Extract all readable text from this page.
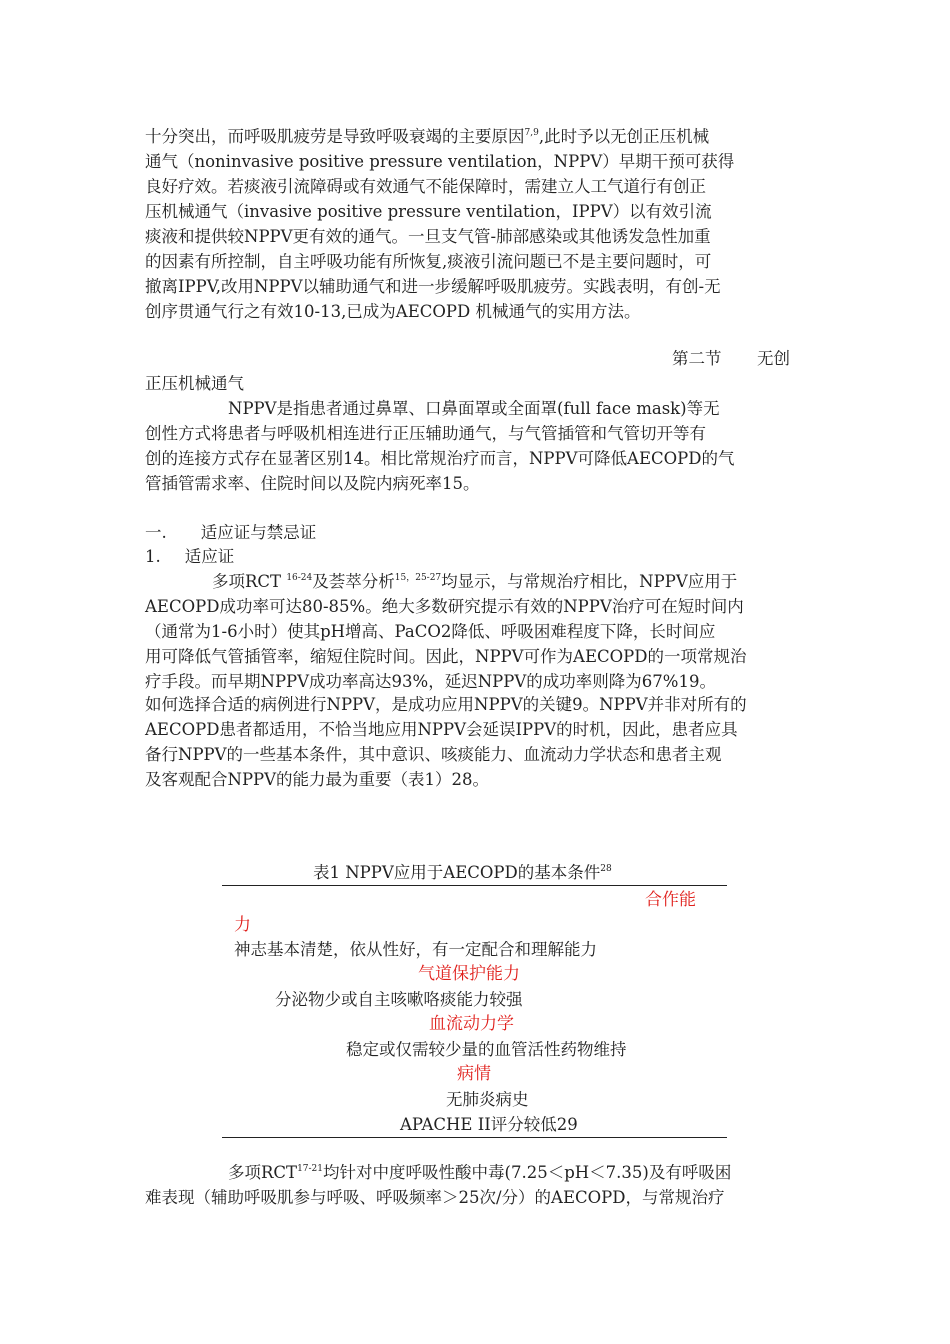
十分突出，而呼吸肌疲劳是导致呼吸衰竭的主要原因$^{7,9}$,此时予以无创正压机械
通气（noninvasive positive pressure ventilation，NPPV）早期干预可获得
良好疗效。若痰液引流障碍或有效通气不能保障时，需建立人工气道行有创正
压机械通气（invasive positive pressure ventilation，IPPV）以有效引流
痰液和提供较NPPV更有效的通气。一旦支气管-肺部感染或其他诱发急性加重
的因素有所控制，自主呼吸功能有所恢复,痰液引流问题已不是主要问题时，可
撤离IPPV,改用NPPV以辅助通气和进一步缓解呼吸肌疲劳。实践表明，有创-无
创序贯通气行之有效10-13,已成为AECOPD 机械通气的实用方法。
第二节 无创
正压机械通气
NPPV是指患者通过鼻罩、口鼻面罩或全面罩(full face mask)等无
创性方式将患者与呼吸机相连进行正压辅助通气，与气管插管和气管切开等有
创的连接方式存在显著区别14。相比常规治疗而言，NPPV可降低AECOPD的气
管插管需求率、住院时间以及院内病死率15。
一. 适应证与禁忌证
1. 适应证
多项RCT $^{16-24}$及荟萃分析$^{15,25-27}$均显示，与常规治疗相比，NPPV应用于
AECOPD成功率可达80-85%。绝大多数研究提示有效的NPPV治疗可在短时间内
（通常为1-6小时）使其pH增高、PaCO2降低、呼吸困难程度下降，长时间应
用可降低气管插管率，缩短住院时间。因此，NPPV可作为AECOPD的一项常规治
疗手段。而早期NPPV成功率高达93%，延迟NPPV的成功率则降为67%19。
如何选择合适的病例进行NPPV，是成功应用NPPV的关键9。NPPV并非对所有的
AECOPD患者都适用，不恰当地应用NPPV会延误IPPV的时机，因此，患者应具
备行NPPV的一些基本条件，其中意识、咳痰能力、血流动力学状态和患者主观
及客观配合NPPV的能力最为重要（表1）28。
表1 NPPV应用于AECOPD的基本条件$^{28}$
合作能
力
神志基本清楚，依从性好，有一定配合和理解能力
气道保护能力
分泌物少或自主咳嗽咯痰能力较强
血流动力学
稳定或仅需较少量的血管活性药物维持
病情
无肺炎病史
APACHE II评分较低29
多项RCT$^{17-21}$均针对中度呼吸性酸中毒(7.25＜pH＜7.35)及有呼吸困
难表现（辅助呼吸肌参与呼吸、呼吸频率＞25次/分）的AECOPD，与常规治疗
